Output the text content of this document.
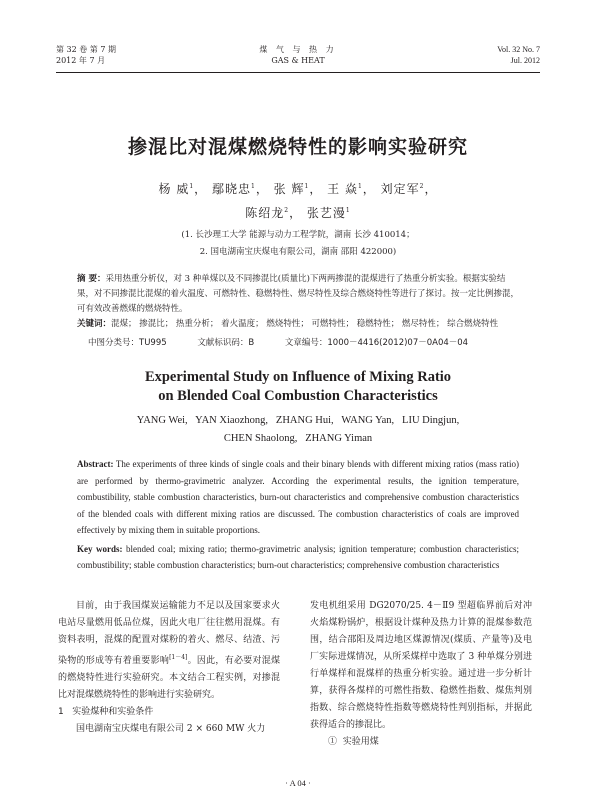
第 32 卷 第 7 期
2012 年 7 月
煤 气 与 热 力
GAS & HEAT
Vol. 32 No. 7
Jul. 2012
掺混比对混煤燃烧特性的影响实验研究
杨 威$^1$， 鄢晓忠$^1$， 张 辉$^1$， 王 焱$^1$， 刘定军$^2$，
陈绍龙$^2$， 张艺漫$^1$
(1. 长沙理工大学 能源与动力工程学院，湖南 长沙 410014；
2. 国电湖南宝庆煤电有限公司，湖南 邵阳 422000)
摘 要：采用热重分析仪，对 3 种单煤以及不同掺混比(质量比)下两两掺混的混煤进行了热重分析实验。根据实验结果，对不同掺混比混煤的着火温度、可燃特性、稳燃特性、燃尽特性及综合燃烧特性等进行了探讨。按一定比例掺混，可有效改善燃煤的燃烧特性。
关键词：混煤； 掺混比； 热重分析； 着火温度； 燃烧特性； 可燃特性； 稳燃特性； 燃尽特性； 综合燃烧特性
中图分类号：TU995	文献标识码：B	文章编号：1000－4416(2012)07－0A04－04
Experimental Study on Influence of Mixing Ratio
on Blended Coal Combustion Characteristics
YANG Wei,   YAN Xiaozhong,   ZHANG Hui,   WANG Yan,   LIU Dingjun,
CHEN Shaolong,   ZHANG Yiman
Abstract: The experiments of three kinds of single coals and their binary blends with different mixing ratios (mass ratio) are performed by thermo-gravimetric analyzer. According the experimental results, the ignition temperature, combustibility, stable combustion characteristics, burn-out characteristics and comprehensive combustion characteristics of the blended coals with different mixing ratios are discussed. The combustion characteristics of coals are improved effectively by mixing them in suitable proportions.
Key words: blended coal; mixing ratio; thermo-gravimetric analysis; ignition temperature; combustion characteristics; combustibility; stable combustion characteristics; burn-out characteristics; comprehensive combustion characteristics
目前，由于我国煤炭运输能力不足以及国家要求火电站尽量燃用低品位煤，因此火电厂往往燃用混煤。有资料表明，混煤的配置对煤粉的着火、燃尽、结渣、污染物的形成等有着重要影响[1－4]。因此，有必要对混煤的燃烧特性进行实验研究。本文结合工程实例，对掺混比对混煤燃烧特性的影响进行实验研究。
1   实验煤种和实验条件
国电湖南宝庆煤电有限公司 2 × 660 MW 火力
发电机组采用 DG2070/25. 4－Ⅱ9 型超临界前后对冲火焰煤粉锅炉，根据设计煤种及热力计算的混煤参数范围，结合邵阳及周边地区煤源情况(煤质、产量等)及电厂实际进煤情况，从所采煤样中选取了 3 种单煤分别进行单煤样和混煤样的热重分析实验。通过进一步分析计算，获得各煤样的可燃性指数、稳燃性指数、煤焦判别指数、综合燃烧特性指数等燃烧特性判别指标，并据此获得适合的掺混比。
①  实验用煤
· A 04 ·
